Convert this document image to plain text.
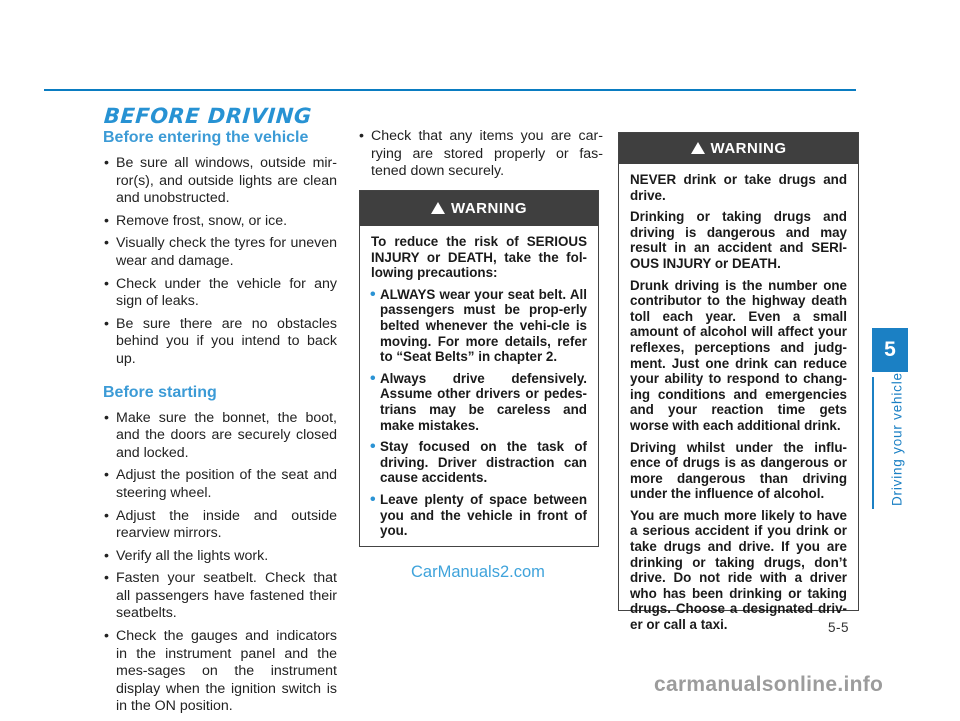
BEFORE DRIVING
Before entering the vehicle
• Be sure all windows, outside mir-ror(s), and outside lights are clean and unobstructed.
• Remove frost, snow, or ice.
• Visually check the tyres for uneven wear and damage.
• Check under the vehicle for any sign of leaks.
• Be sure there are no obstacles behind you if you intend to back up.
Before starting
• Make sure the bonnet, the boot, and the doors are securely closed and locked.
• Adjust the position of the seat and steering wheel.
• Adjust the inside and outside rearview mirrors.
• Verify all the lights work.
• Fasten your seatbelt. Check that all passengers have fastened their seatbelts.
• Check the gauges and indicators in the instrument panel and the mes-sages on the instrument display when the ignition switch is in the ON position.
• Check that any items you are car-rying are stored properly or fas-tened down securely.
WARNING

To reduce the risk of SERIOUS INJURY or DEATH, take the fol-lowing precautions:

• ALWAYS wear your seat belt. All passengers must be prop-erly belted whenever the vehi-cle is moving. For more details, refer to “Seat Belts” in chapter 2.
• Always drive defensively. Assume other drivers or pedes-trians may be careless and make mistakes.
• Stay focused on the task of driving. Driver distraction can cause accidents.
• Leave plenty of space between you and the vehicle in front of you.
WARNING

NEVER drink or take drugs and drive.

Drinking or taking drugs and driving is dangerous and may result in an accident and SERI-OUS INJURY or DEATH.

Drunk driving is the number one contributor to the highway death toll each year. Even a small amount of alcohol will affect your reflexes, perceptions and judg-ment. Just one drink can reduce your ability to respond to chang-ing conditions and emergencies and your reaction time gets worse with each additional drink.

Driving whilst under the influ-ence of drugs is as dangerous or more dangerous than driving under the influence of alcohol.

You are much more likely to have a serious accident if you drink or take drugs and drive. If you are drinking or taking drugs, don’t drive. Do not ride with a driver who has been drinking or taking drugs. Choose a designated driv-er or call a taxi.

CarManuals2.com
5-5
5
Driving your vehicle
carmanualsonline.info
